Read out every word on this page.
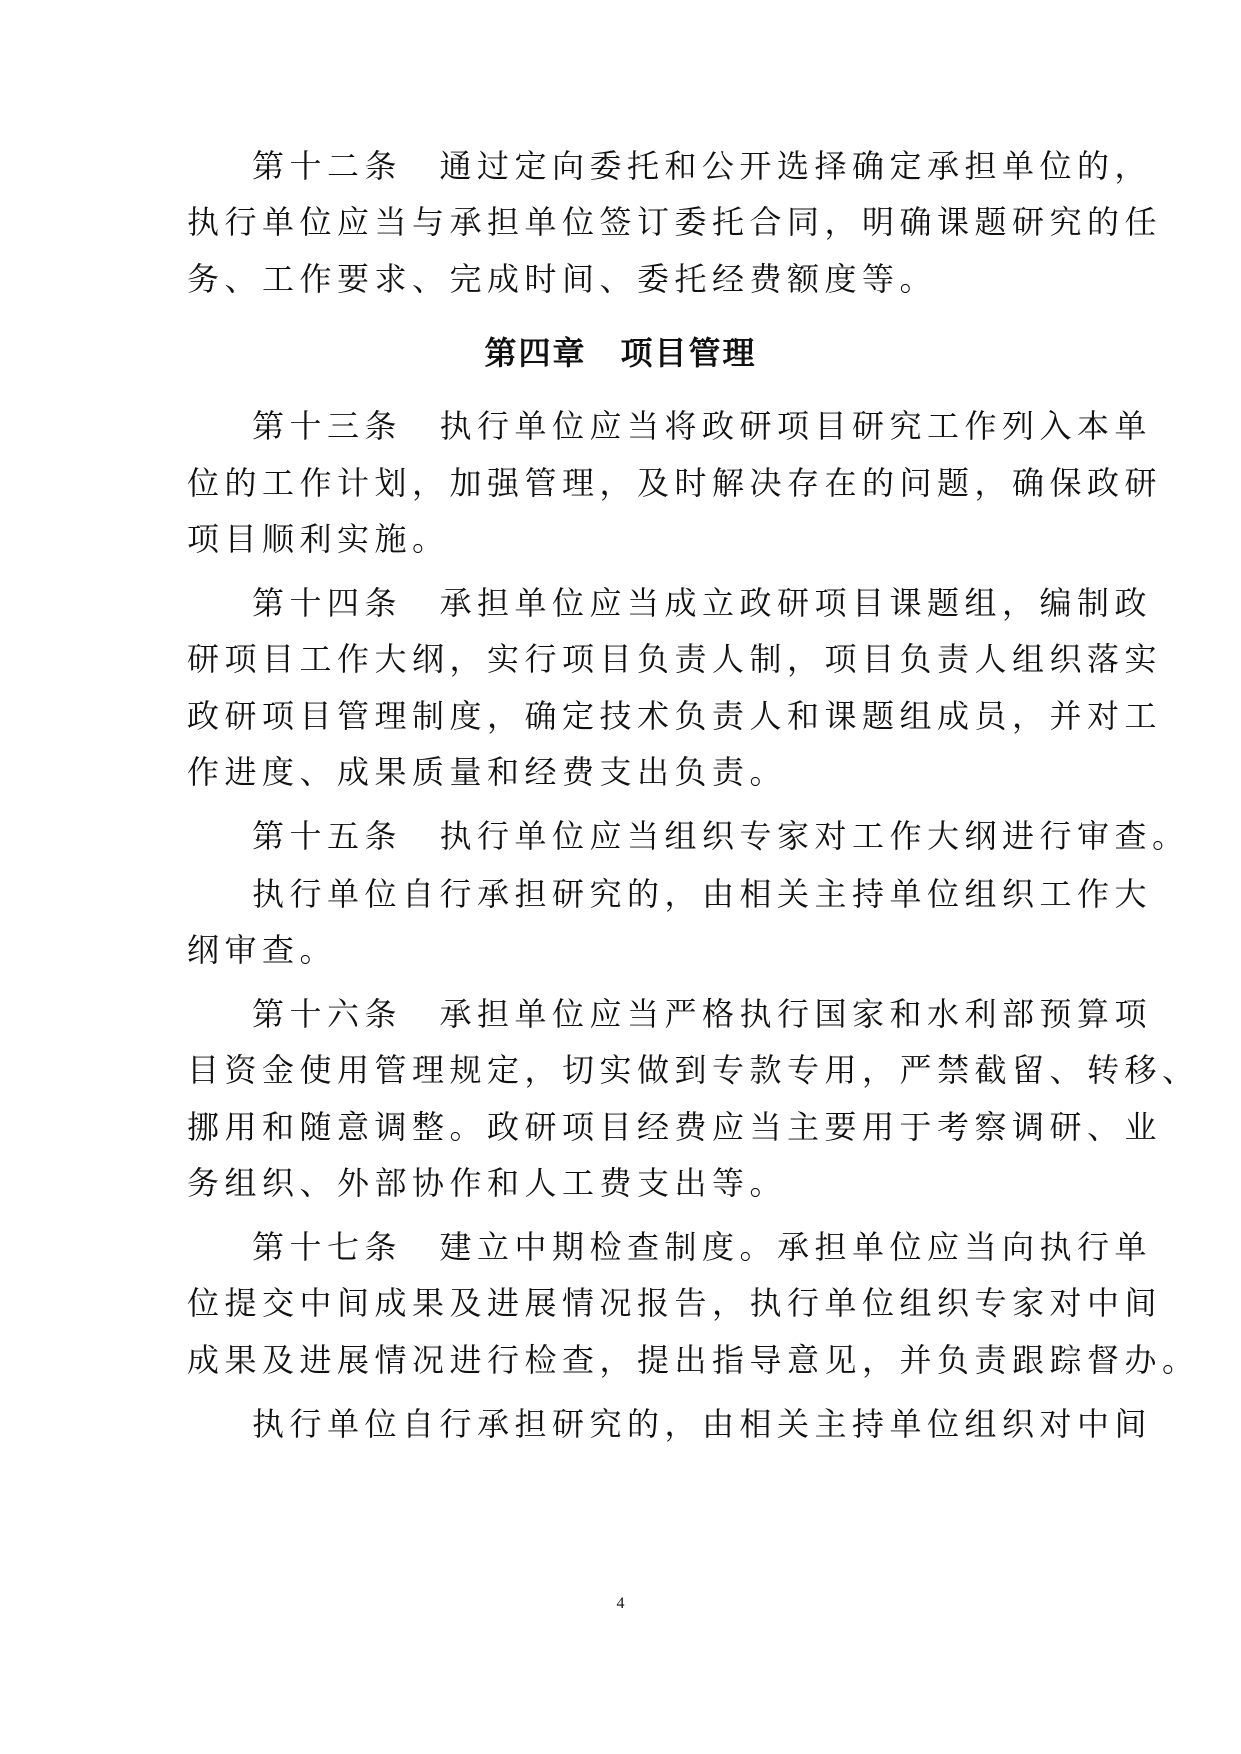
第十二条　通过定向委托和公开选择确定承担单位的，
执行单位应当与承担单位签订委托合同，明确课题研究的任
务、工作要求、完成时间、委托经费额度等。
第四章　项目管理
第十三条　执行单位应当将政研项目研究工作列入本单
位的工作计划，加强管理，及时解决存在的问题，确保政研
项目顺利实施。
第十四条　承担单位应当成立政研项目课题组，编制政
研项目工作大纲，实行项目负责人制，项目负责人组织落实
政研项目管理制度，确定技术负责人和课题组成员，并对工
作进度、成果质量和经费支出负责。
第十五条　执行单位应当组织专家对工作大纲进行审查。
执行单位自行承担研究的，由相关主持单位组织工作大
纲审查。
第十六条　承担单位应当严格执行国家和水利部预算项
目资金使用管理规定，切实做到专款专用，严禁截留、转移、
挪用和随意调整。政研项目经费应当主要用于考察调研、业
务组织、外部协作和人工费支出等。
第十七条　建立中期检查制度。承担单位应当向执行单
位提交中间成果及进展情况报告，执行单位组织专家对中间
成果及进展情况进行检查，提出指导意见，并负责跟踪督办。
执行单位自行承担研究的，由相关主持单位组织对中间
4
